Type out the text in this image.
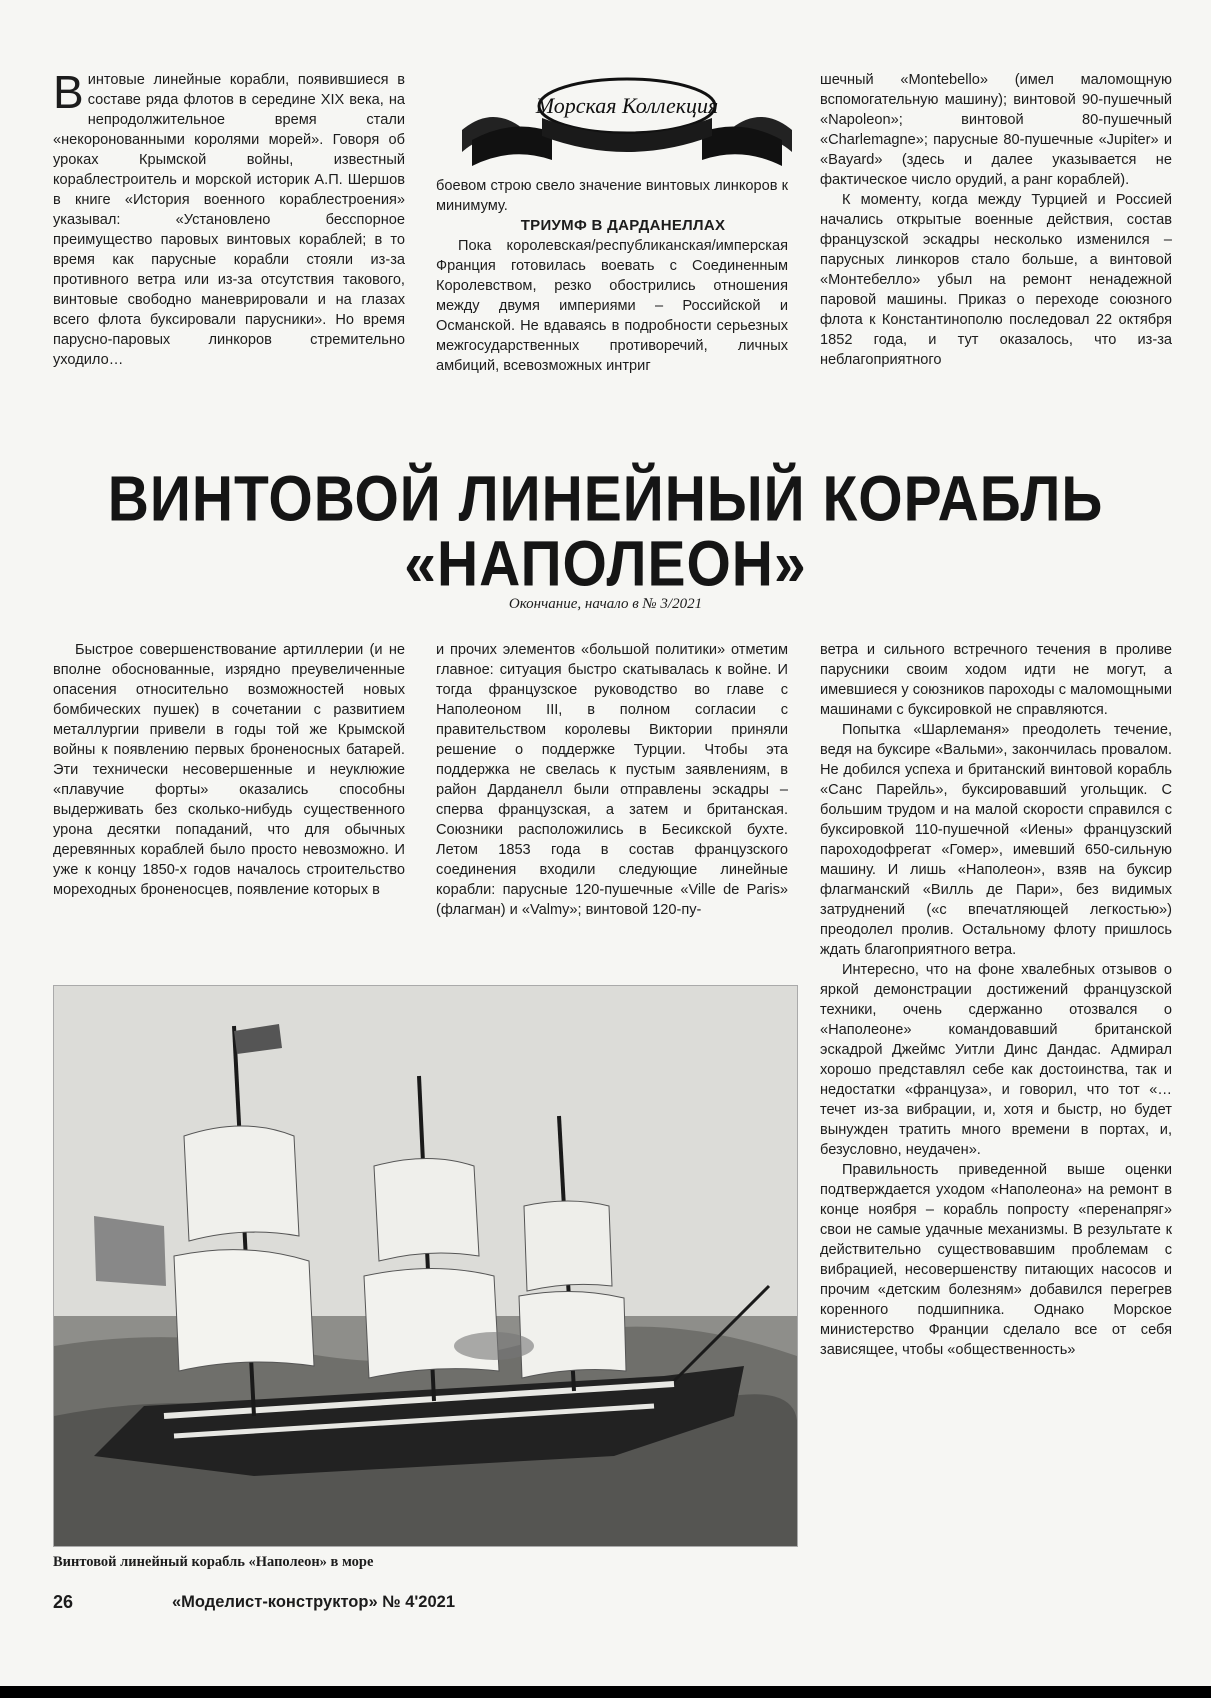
Винтовые линейные корабли, появившиеся в составе ряда флотов в середине XIX века, на непродолжительное время стали «некоронованными королями морей». Говоря об уроках Крымской войны, известный кораблестроитель и морской историк А.П. Шершов в книге «История военного кораблестроения» указывал: «Установлено бесспорное преимущество паровых винтовых кораблей; в то время как парусные корабли стояли из-за противного ветра или из-за отсутствия такового, винтовые свободно маневрировали и на глазах всего флота буксировали парусники». Но время парусно-паровых линкоров стремительно уходило…

Морская Коллекция

боевом строю свело значение винтовых линкоров к минимуму.

ТРИУМФ В ДАРДАНЕЛЛАХ

Пока королевская/республиканская/имперская Франция готовилась воевать с Соединенным Королевством, резко обострились отношения между двумя империями – Российской и Османской. Не вдаваясь в подробности серьезных межгосударственных противоречий, личных амбиций, всевозможных интриг

шечный «Montebello» (имел маломощную вспомогательную машину); винтовой 90-пушечный «Napoleon»; винтовой 80-пушечный «Charlemagne»; парусные 80-пушечные «Jupiter» и «Bayard» (здесь и далее указывается не фактическое число орудий, а ранг кораблей).

К моменту, когда между Турцией и Россией начались открытые военные действия, состав французской эскадры несколько изменился – парусных линкоров стало больше, а винтовой «Монтебелло» убыл на ремонт ненадежной паровой машины. Приказ о переходе союзного флота к Константинополю последовал 22 октября 1852 года, и тут оказалось, что из-за неблагоприятного

ВИНТОВОЙ ЛИНЕЙНЫЙ КОРАБЛЬ
«НАПОЛЕОН»
Окончание, начало в № 3/2021

Быстрое совершенствование артиллерии (и не вполне обоснованные, изрядно преувеличенные опасения относительно возможностей новых бомбических пушек) в сочетании с развитием металлургии привели в годы той же Крымской войны к появлению первых броненосных батарей. Эти технически несовершенные и неуклюжие «плавучие форты» оказались способны выдерживать без сколько-нибудь существенного урона десятки попаданий, что для обычных деревянных кораблей было просто невозможно. И уже к концу 1850-х годов началось строительство мореходных броненосцев, появление которых в

и прочих элементов «большой политики» отметим главное: ситуация быстро скатывалась к войне. И тогда французское руководство во главе с Наполеоном III, в полном согласии с правительством королевы Виктории приняли решение о поддержке Турции. Чтобы эта поддержка не свелась к пустым заявлениям, в район Дарданелл были отправлены эскадры – сперва французская, а затем и британская. Союзники расположились в Бесикской бухте. Летом 1853 года в состав французского соединения входили следующие линейные корабли: парусные 120-пушечные «Ville de Paris» (флагман) и «Valmy»; винтовой 120-пу-

ветра и сильного встречного течения в проливе парусники своим ходом идти не могут, а имевшиеся у союзников пароходы с маломощными машинами с буксировкой не справляются.

Попытка «Шарлеманя» преодолеть течение, ведя на буксире «Вальми», закончилась провалом. Не добился успеха и британский винтовой корабль «Санс Парейль», буксировавший угольщик. С большим трудом и на малой скорости справился с буксировкой 110-пушечной «Иены» французский пароходофрегат «Гомер», имевший 650-сильную машину. И лишь «Наполеон», взяв на буксир флагманский «Вилль де Пари», без видимых затруднений («с впечатляющей легкостью») преодолел пролив. Остальному флоту пришлось ждать благоприятного ветра.

Интересно, что на фоне хвалебных отзывов о яркой демонстрации достижений французской техники, очень сдержанно отозвался о «Наполеоне» командовавший британской эскадрой Джеймс Уитли Динс Дандас. Адмирал хорошо представлял себе как достоинства, так и недостатки «француза», и говорил, что тот «…течет из-за вибрации, и, хотя и быстр, но будет вынужден тратить много времени в портах, и, безусловно, неудачен».

Правильность приведенной выше оценки подтверждается уходом «Наполеона» на ремонт в конце ноября – корабль попросту «перенапряг» свои не самые удачные механизмы. В результате к действительно существовавшим проблемам с вибрацией, несовершенству питающих насосов и прочим «детским болезням» добавился перегрев коренного подшипника. Однако Морское министерство Франции сделало все от себя зависящее, чтобы «общественность»

Винтовой линейный корабль «Наполеон» в море
26	«Моделист-конструктор» № 4'2021
